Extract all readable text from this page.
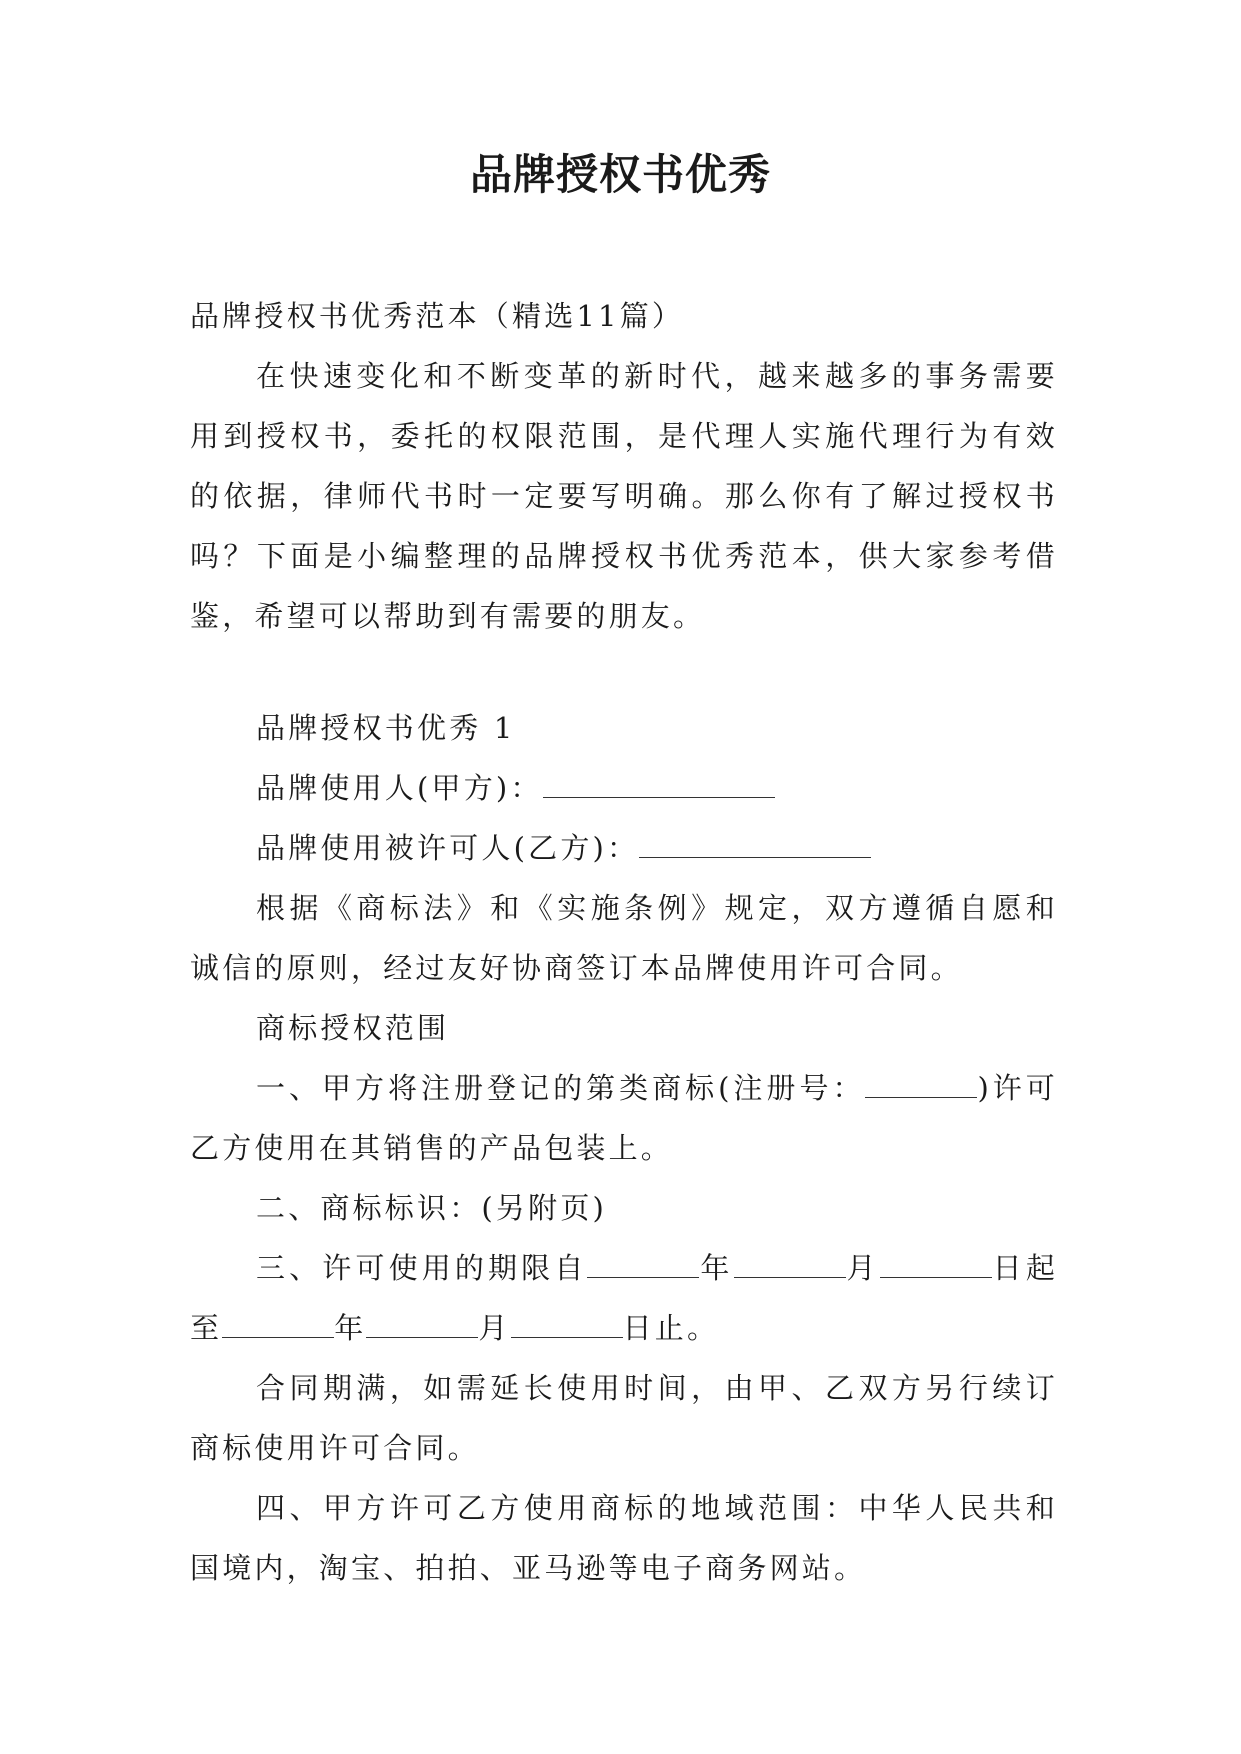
品牌授权书优秀

品牌授权书优秀范本（精选11篇）

在快速变化和不断变革的新时代，越来越多的事务需要用到授权书，委托的权限范围，是代理人实施代理行为有效的依据，律师代书时一定要写明确。那么你有了解过授权书吗？下面是小编整理的品牌授权书优秀范本，供大家参考借鉴，希望可以帮助到有需要的朋友。

品牌授权书优秀 1

品牌使用人(甲方)：

品牌使用被许可人(乙方)：

根据《商标法》和《实施条例》规定，双方遵循自愿和诚信的原则，经过友好协商签订本品牌使用许可合同。

商标授权范围

一、甲方将注册登记的第类商标(注册号：	)许可乙方使用在其销售的产品包装上。

二、商标标识：(另附页)

三、许可使用的期限自	年	月	日起至	年	月	日止。

合同期满，如需延长使用时间，由甲、乙双方另行续订商标使用许可合同。

四、甲方许可乙方使用商标的地域范围：中华人民共和国境内，淘宝、拍拍、亚马逊等电子商务网站。
